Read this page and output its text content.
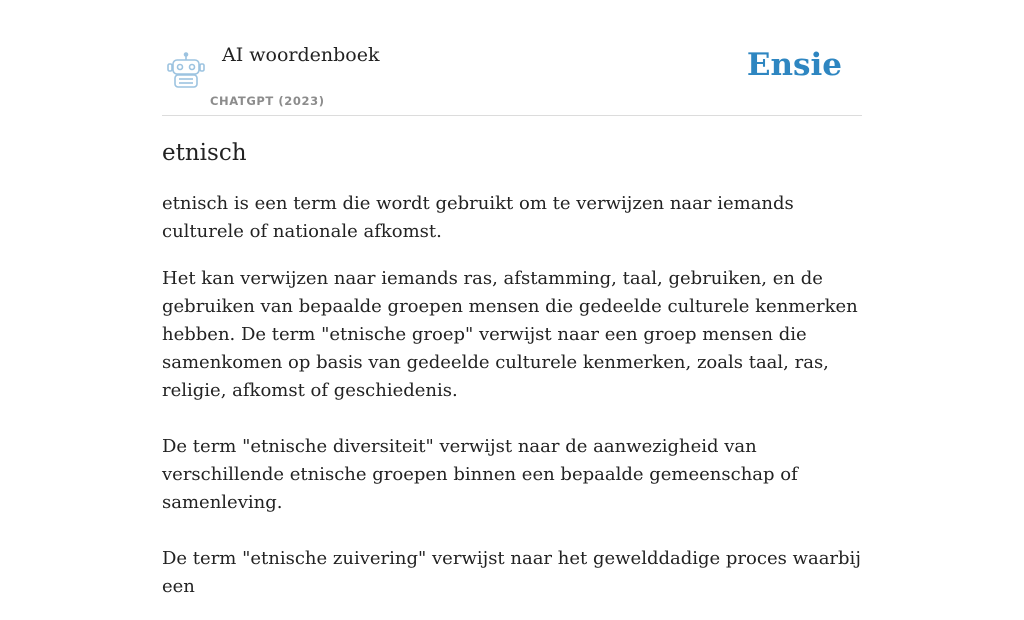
AI woordenboek
CHATGPT (2023)
Ensie
etnisch

etnisch is een term die wordt gebruikt om te verwijzen naar iemands culturele of nationale afkomst.

Het kan verwijzen naar iemands ras, afstamming, taal, gebruiken, en de gebruiken van bepaalde groepen mensen die gedeelde culturele kenmerken hebben. De term "etnische groep" verwijst naar een groep mensen die samenkomen op basis van gedeelde culturele kenmerken, zoals taal, ras, religie, afkomst of geschiedenis.

De term "etnische diversiteit" verwijst naar de aanwezigheid van verschillende etnische groepen binnen een bepaalde gemeenschap of samenleving.

De term "etnische zuivering" verwijst naar het gewelddadige proces waarbij een
